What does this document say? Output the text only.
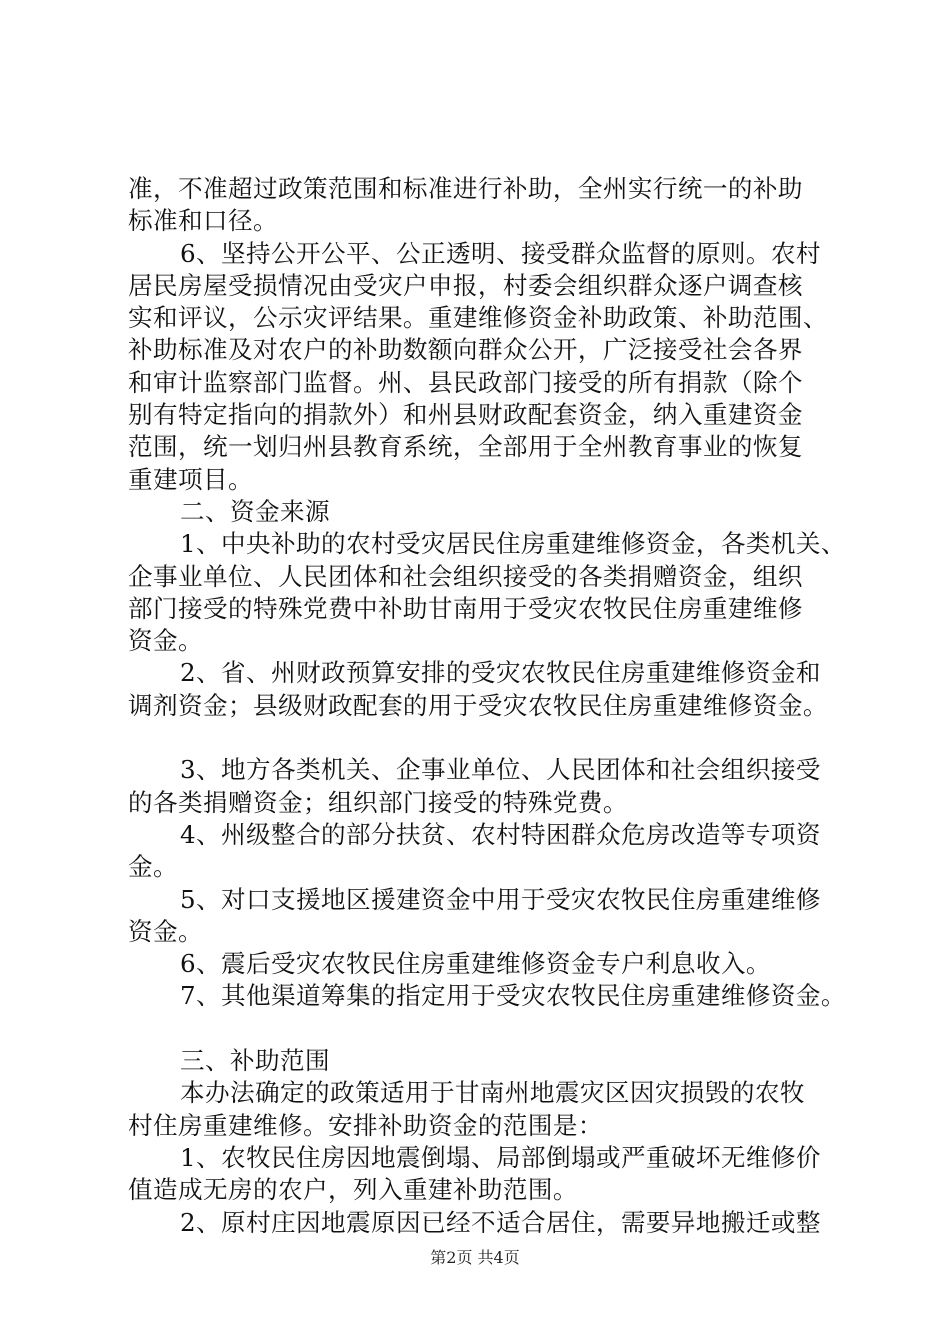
准，不准超过政策范围和标准进行补助，全州实行统一的补助
标准和口径。
6、坚持公开公平、公正透明、接受群众监督的原则。农村
居民房屋受损情况由受灾户申报，村委会组织群众逐户调查核
实和评议，公示灾评结果。重建维修资金补助政策、补助范围、
补助标准及对农户的补助数额向群众公开，广泛接受社会各界
和审计监察部门监督。州、县民政部门接受的所有捐款（除个
别有特定指向的捐款外）和州县财政配套资金，纳入重建资金
范围，统一划归州县教育系统，全部用于全州教育事业的恢复
重建项目。
二、资金来源
1、中央补助的农村受灾居民住房重建维修资金，各类机关、
企事业单位、人民团体和社会组织接受的各类捐赠资金，组织
部门接受的特殊党费中补助甘南用于受灾农牧民住房重建维修
资金。
2、省、州财政预算安排的受灾农牧民住房重建维修资金和
调剂资金；县级财政配套的用于受灾农牧民住房重建维修资金。
3、地方各类机关、企事业单位、人民团体和社会组织接受
的各类捐赠资金；组织部门接受的特殊党费。
4、州级整合的部分扶贫、农村特困群众危房改造等专项资
金。
5、对口支援地区援建资金中用于受灾农牧民住房重建维修
资金。
6、震后受灾农牧民住房重建维修资金专户利息收入。
7、其他渠道筹集的指定用于受灾农牧民住房重建维修资金。
三、补助范围
本办法确定的政策适用于甘南州地震灾区因灾损毁的农牧
村住房重建维修。安排补助资金的范围是：
1、农牧民住房因地震倒塌、局部倒塌或严重破坏无维修价
值造成无房的农户，列入重建补助范围。
2、原村庄因地震原因已经不适合居住，需要异地搬迁或整
第2页 共4页
